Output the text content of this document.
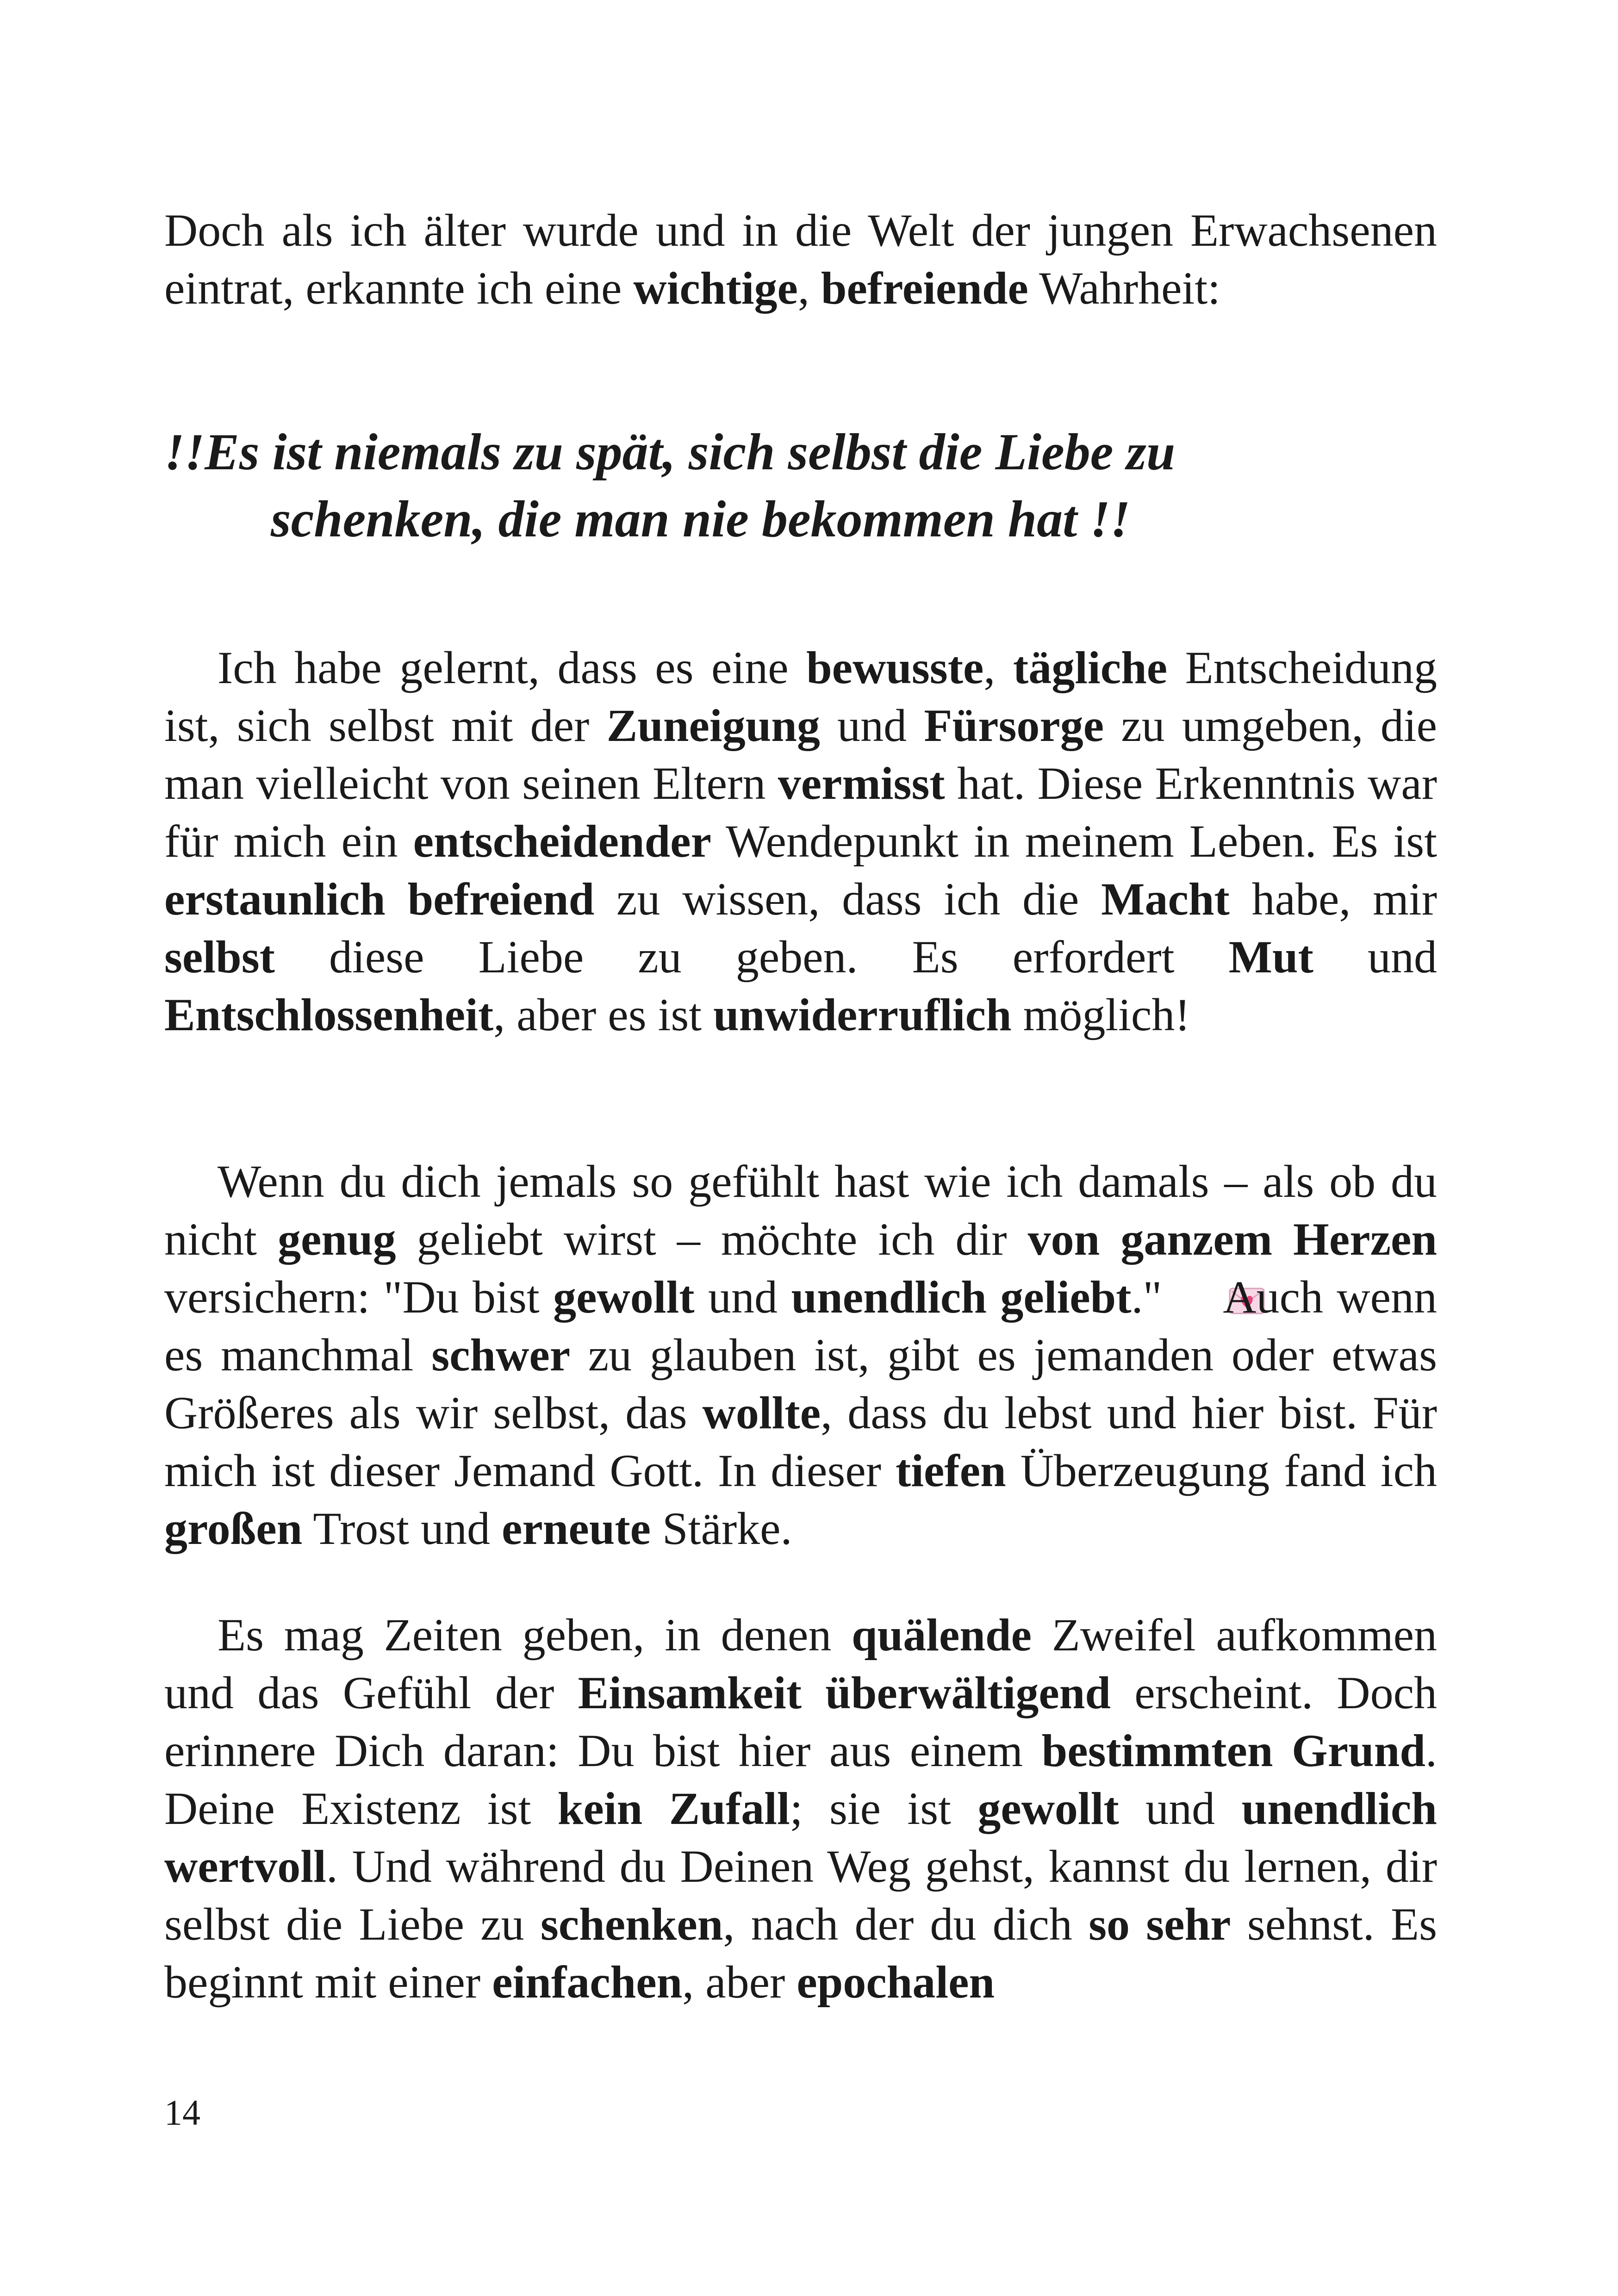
Doch als ich älter wurde und in die Welt der jungen Erwachsenen eintrat, erkannte ich eine wichtige, befreiende Wahrheit:

!!Es ist niemals zu spät, sich selbst die Liebe zu
schenken, die man nie bekommen hat !!

Ich habe gelernt, dass es eine bewusste, tägliche Entscheidung ist, sich selbst mit der Zuneigung und Fürsorge zu umgeben, die man vielleicht von seinen Eltern vermisst hat. Diese Erkenntnis war für mich ein entscheidender Wendepunkt in meinem Leben. Es ist erstaunlich befreiend zu wissen, dass ich die Macht habe, mir selbst diese Liebe zu geben. Es erfordert Mut und Entschlossenheit, aber es ist unwiderruflich möglich!

Wenn du dich jemals so gefühlt hast wie ich damals – als ob du nicht genug geliebt wirst – möchte ich dir von ganzem Herzen versichern: "Du bist gewollt und unendlich geliebt." Auch wenn es manchmal schwer zu glauben ist, gibt es jemanden oder etwas Größeres als wir selbst, das wollte, dass du lebst und hier bist. Für mich ist dieser Jemand Gott. In dieser tiefen Überzeugung fand ich großen Trost und erneute Stärke.

Es mag Zeiten geben, in denen quälende Zweifel aufkommen und das Gefühl der Einsamkeit überwältigend erscheint. Doch erinnere Dich daran: Du bist hier aus einem bestimmten Grund. Deine Existenz ist kein Zufall; sie ist gewollt und unendlich wertvoll. Und während du Deinen Weg gehst, kannst du lernen, dir selbst die Liebe zu schenken, nach der du dich so sehr sehnst. Es beginnt mit einer einfachen, aber epochalen

14
